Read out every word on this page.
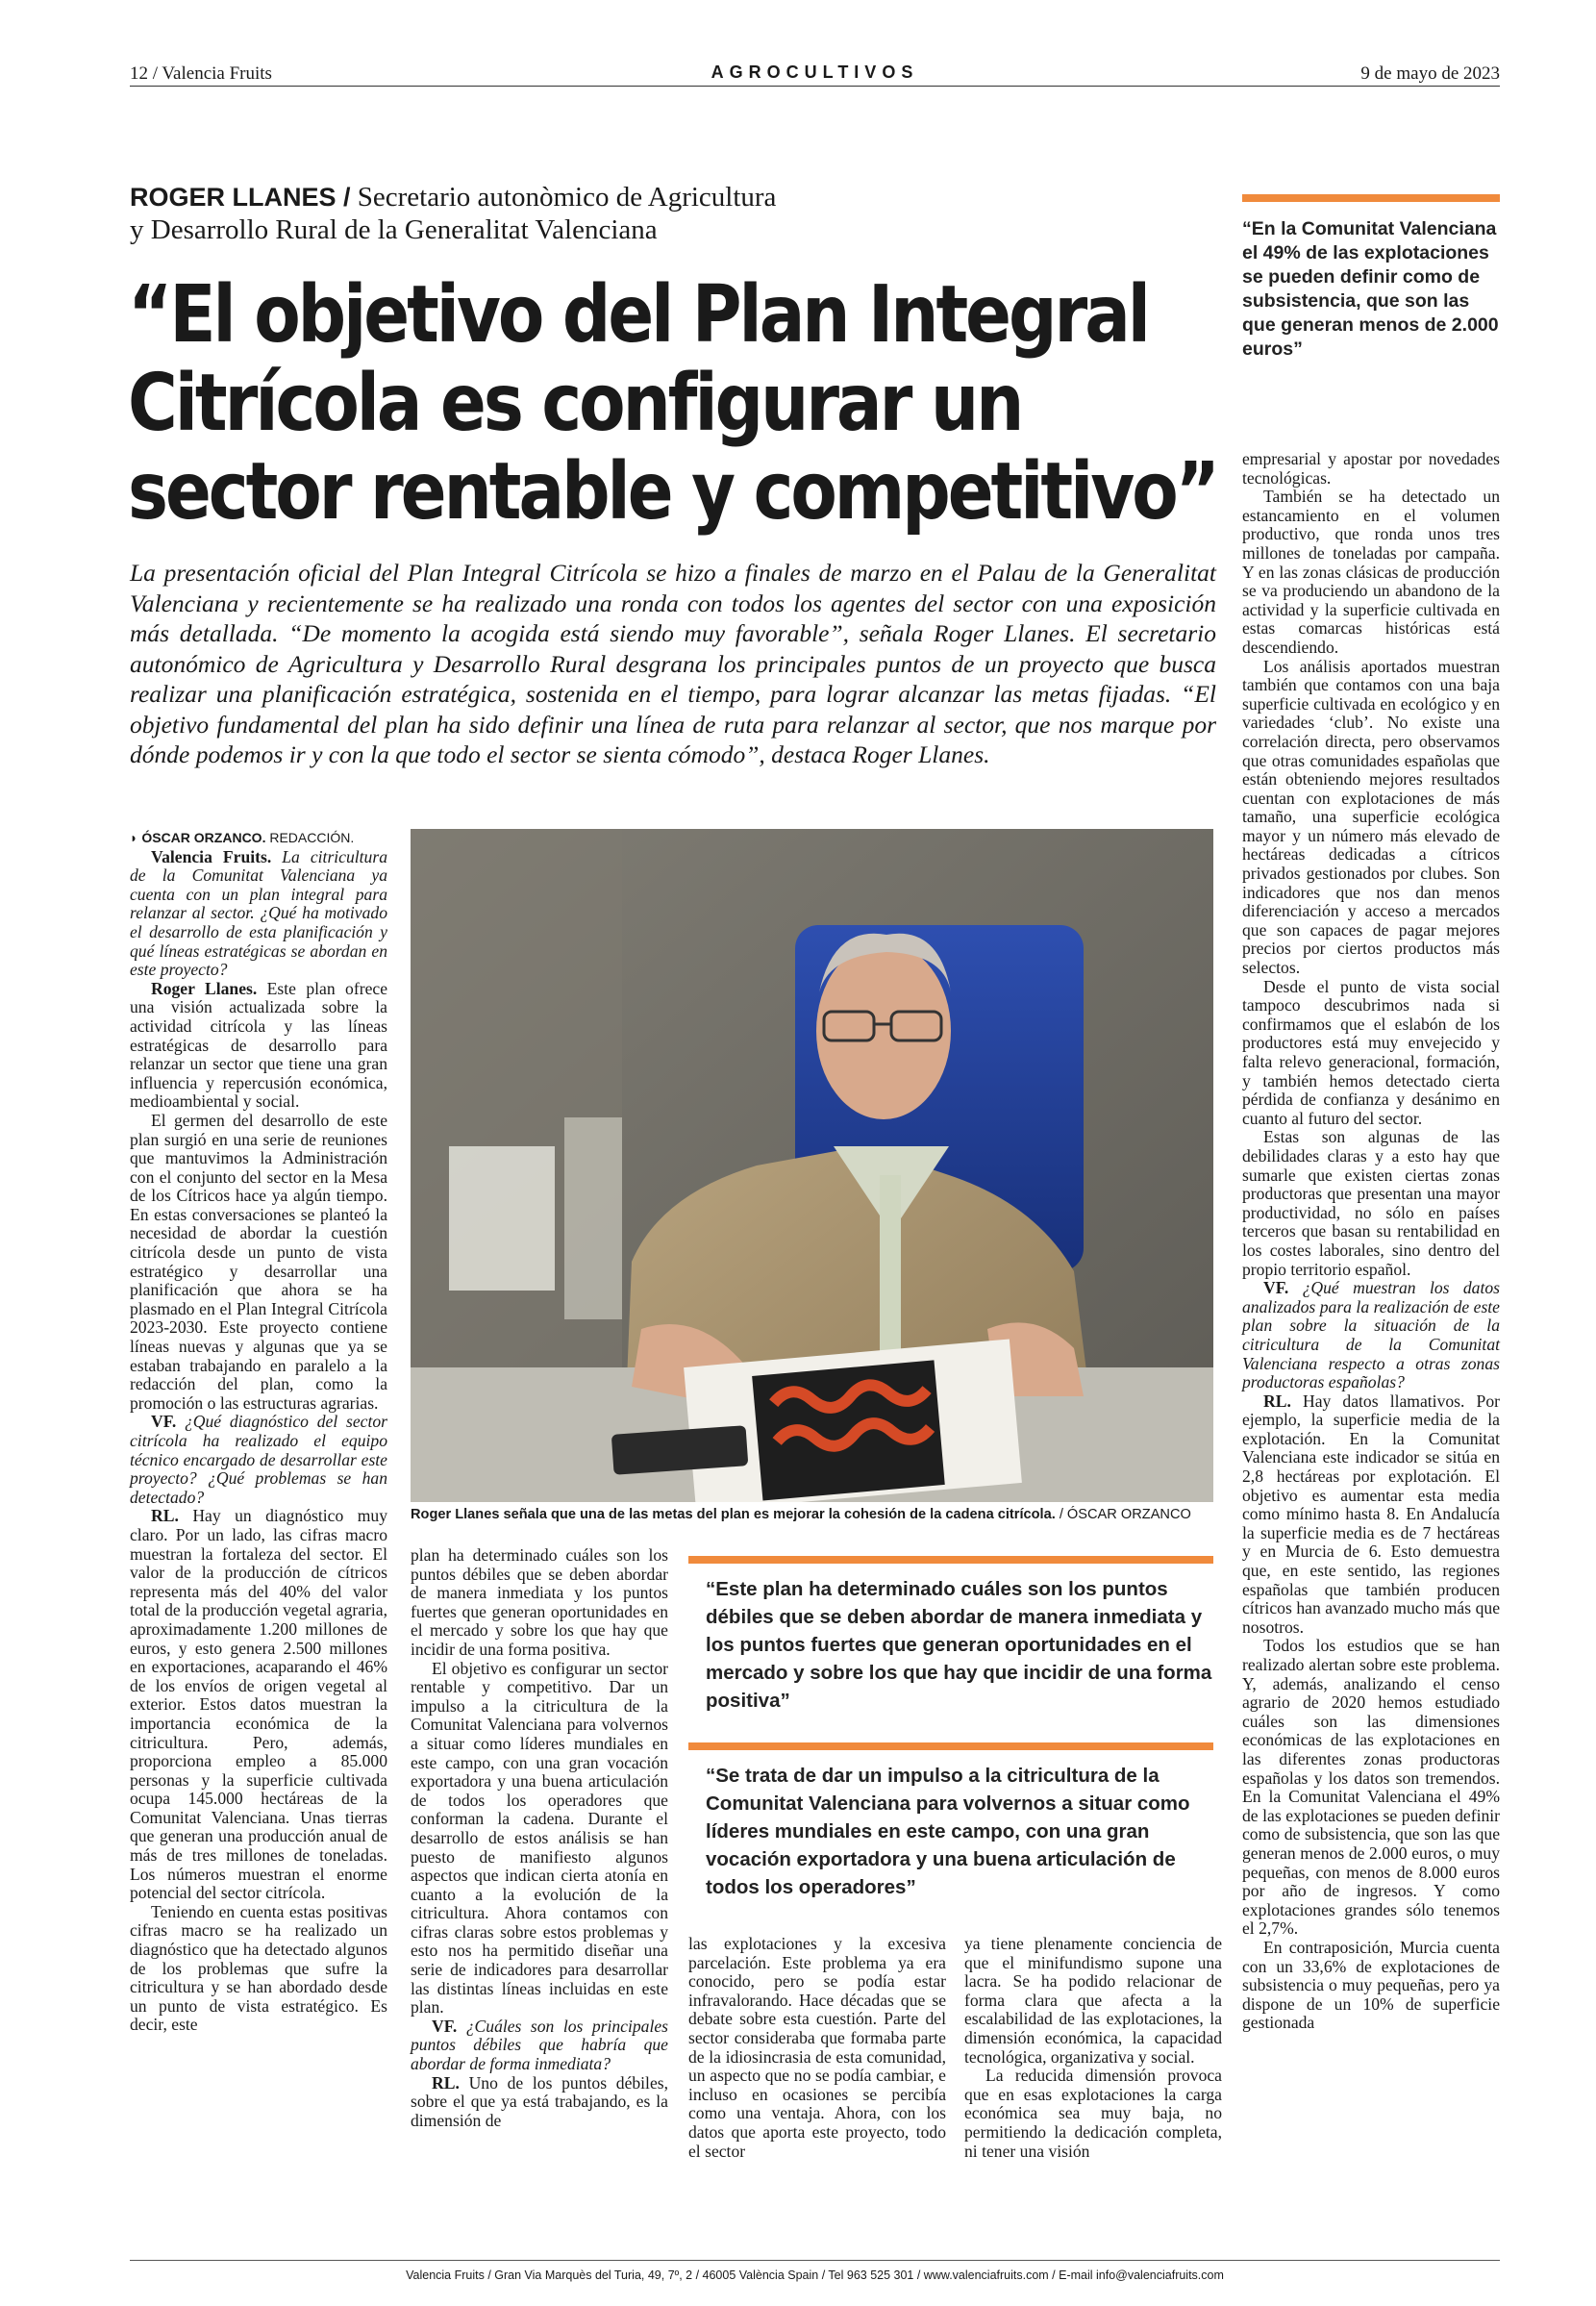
12 / Valencia Fruits	AGROCULTIVOS	9 de mayo de 2023
ROGER LLANES / Secretario autonòmico de Agricultura
y Desarrollo Rural de la Generalitat Valenciana
“El objetivo del Plan Integral Citrícola es configurar un sector rentable y competitivo”

La presentación oficial del Plan Integral Citrícola se hizo a finales de marzo en el Palau de la Generalitat Valenciana y recientemente se ha realizado una ronda con todos los agentes del sector con una exposición más detallada. “De momento la acogida está siendo muy favorable”, señala Roger Llanes. El secretario autonómico de Agricultura y Desarrollo Rural desgrana los principales puntos de un proyecto que busca realizar una planificación estratégica, sostenida en el tiempo, para lograr alcanzar las metas fijadas. “El objetivo fundamental del plan ha sido definir una línea de ruta para relanzar al sector, que nos marque por dónde podemos ir y con la que todo el sector se sienta cómodo”, destaca Roger Llanes.

“En la Comunitat Valenciana el 49% de las explotaciones se pueden definir como de subsistencia, que son las que generan menos de 2.000 euros”

◗ ÓSCAR ORZANCO. REDACCIÓN.

Valencia Fruits. La citricultura de la Comunitat Valenciana ya cuenta con un plan integral para relanzar al sector. ¿Qué ha motivado el desarrollo de esta planificación y qué líneas estratégicas se abordan en este proyecto?

Roger Llanes. Este plan ofrece una visión actualizada sobre la actividad citrícola y las líneas estratégicas de desarrollo para relanzar un sector que tiene una gran influencia y repercusión económica, medioambiental y social.

El germen del desarrollo de este plan surgió en una serie de reuniones que mantuvimos la Administración con el conjunto del sector en la Mesa de los Cítricos hace ya algún tiempo. En estas conversaciones se planteó la necesidad de abordar la cuestión citrícola desde un punto de vista estratégico y desarrollar una planificación que ahora se ha plasmado en el Plan Integral Citrícola 2023-2030. Este proyecto contiene líneas nuevas y algunas que ya se estaban trabajando en paralelo a la redacción del plan, como la promoción o las estructuras agrarias.

VF. ¿Qué diagnóstico del sector citrícola ha realizado el equipo técnico encargado de desarrollar este proyecto? ¿Qué problemas se han detectado?

RL. Hay un diagnóstico muy claro. Por un lado, las cifras macro muestran la fortaleza del sector. El valor de la producción de cítricos representa más del 40% del valor total de la producción vegetal agraria, aproximadamente 1.200 millones de euros, y esto genera 2.500 millones en exportaciones, acaparando el 46% de los envíos de origen vegetal al exterior. Estos datos muestran la importancia económica de la citricultura. Pero, además, proporciona empleo a 85.000 personas y la superficie cultivada ocupa 145.000 hectáreas de la Comunitat Valenciana. Unas tierras que generan una producción anual de más de tres millones de toneladas. Los números muestran el enorme potencial del sector citrícola.

Teniendo en cuenta estas positivas cifras macro se ha realizado un diagnóstico que ha detectado algunos de los problemas que sufre la citricultura y se han abordado desde un punto de vista estratégico. Es decir, este

Roger Llanes señala que una de las metas del plan es mejorar la cohesión de la cadena citrícola. / ÓSCAR ORZANCO

plan ha determinado cuáles son los puntos débiles que se deben abordar de manera inmediata y los puntos fuertes que generan oportunidades en el mercado y sobre los que hay que incidir de una forma positiva.

El objetivo es configurar un sector rentable y competitivo. Dar un impulso a la citricultura de la Comunitat Valenciana para volvernos a situar como líderes mundiales en este campo, con una gran vocación exportadora y una buena articulación de todos los operadores que conforman la cadena. Durante el desarrollo de estos análisis se han puesto de manifiesto algunos aspectos que indican cierta atonía en cuanto a la evolución de la citricultura. Ahora contamos con cifras claras sobre estos problemas y esto nos ha permitido diseñar una serie de indicadores para desarrollar las distintas líneas incluidas en este plan.

VF. ¿Cuáles son los principales puntos débiles que habría que abordar de forma inmediata?

RL. Uno de los puntos débiles, sobre el que ya está trabajando, es la dimensión de

“Este plan ha determinado cuáles son los puntos débiles que se deben abordar de manera inmediata y los puntos fuertes que generan oportunidades en el mercado y sobre los que hay que incidir de una forma positiva”
“Se trata de dar un impulso a la citricultura de la Comunitat Valenciana para volvernos a situar como líderes mundiales en este campo, con una gran vocación exportadora y una buena articulación de todos los operadores”

las explotaciones y la excesiva parcelación. Este problema ya era conocido, pero se podía estar infravalorando. Hace décadas que se debate sobre esta cuestión. Parte del sector consideraba que formaba parte de la idiosincrasia de esta comunidad, un aspecto que no se podía cambiar, e incluso en ocasiones se percibía como una ventaja. Ahora, con los datos que aporta este proyecto, todo el sector

ya tiene plenamente conciencia de que el minifundismo supone una lacra. Se ha podido relacionar de forma clara que afecta a la escalabilidad de las explotaciones, la dimensión económica, la capacidad tecnológica, organizativa y social.

La reducida dimensión provoca que en esas explotaciones la carga económica sea muy baja, no permitiendo la dedicación completa, ni tener una visión

empresarial y apostar por novedades tecnológicas.

También se ha detectado un estancamiento en el volumen productivo, que ronda unos tres millones de toneladas por campaña. Y en las zonas clásicas de producción se va produciendo un abandono de la actividad y la superficie cultivada en estas comarcas históricas está descendiendo.

Los análisis aportados muestran también que contamos con una baja superficie cultivada en ecológico y en variedades ‘club’. No existe una correlación directa, pero observamos que otras comunidades españolas que están obteniendo mejores resultados cuentan con explotaciones de más tamaño, una superficie ecológica mayor y un número más elevado de hectáreas dedicadas a cítricos privados gestionados por clubes. Son indicadores que nos dan menos diferenciación y acceso a mercados que son capaces de pagar mejores precios por ciertos productos más selectos.

Desde el punto de vista social tampoco descubrimos nada si confirmamos que el eslabón de los productores está muy envejecido y falta relevo generacional, formación, y también hemos detectado cierta pérdida de confianza y desánimo en cuanto al futuro del sector.

Estas son algunas de las debilidades claras y a esto hay que sumarle que existen ciertas zonas productoras que presentan una mayor productividad, no sólo en países terceros que basan su rentabilidad en los costes laborales, sino dentro del propio territorio español.

VF. ¿Qué muestran los datos analizados para la realización de este plan sobre la situación de la citricultura de la Comunitat Valenciana respecto a otras zonas productoras españolas?

RL. Hay datos llamativos. Por ejemplo, la superficie media de la explotación. En la Comunitat Valenciana este indicador se sitúa en 2,8 hectáreas por explotación. El objetivo es aumentar esta media como mínimo hasta 8. En Andalucía la superficie media es de 7 hectáreas y en Murcia de 6. Esto demuestra que, en este sentido, las regiones españolas que también producen cítricos han avanzado mucho más que nosotros.

Todos los estudios que se han realizado alertan sobre este problema. Y, además, analizando el censo agrario de 2020 hemos estudiado cuáles son las dimensiones económicas de las explotaciones en las diferentes zonas productoras españolas y los datos son tremendos. En la Comunitat Valenciana el 49% de las explotaciones se pueden definir como de subsistencia, que son las que generan menos de 2.000 euros, o muy pequeñas, con menos de 8.000 euros por año de ingresos. Y como explotaciones grandes sólo tenemos el 2,7%.

En contraposición, Murcia cuenta con un 33,6% de explotaciones de subsistencia o muy pequeñas, pero ya dispone de un 10% de superficie gestionada

Valencia Fruits / Gran Via Marquès del Turia, 49, 7º, 2 / 46005 València Spain / Tel 963 525 301 / www.valenciafruits.com / E-mail info@valenciafruits.com
